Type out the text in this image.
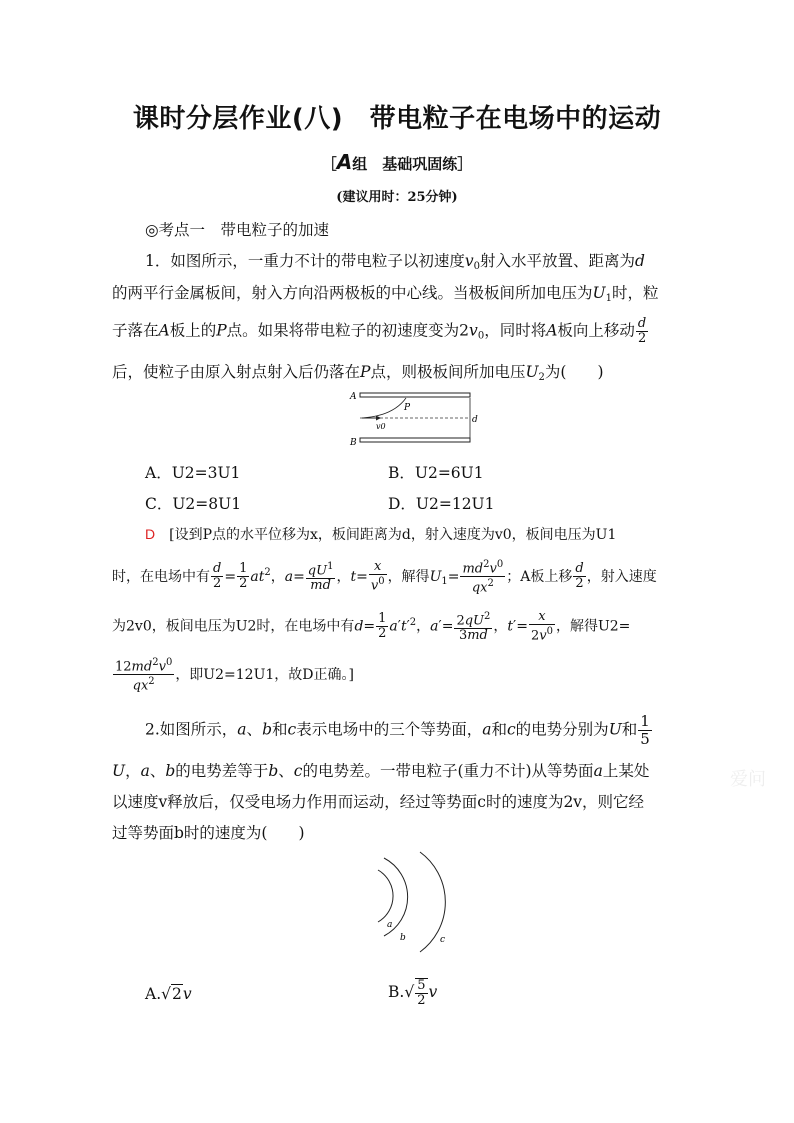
课时分层作业(八)　带电粒子在电场中的运动
［A组　基础巩固练］
(建议用时：25分钟)
◎考点一　带电粒子的加速
1．如图所示，一重力不计的带电粒子以初速度$v_0$射入水平放置、距离为d
的两平行金属板间，射入方向沿两极板的中心线。当极板间所加电压为$U_1$时，粒
子落在A板上的P点。如果将带电粒子的初速度变为$2v_0$，同时将A板向上移动 $\frac{d}{2}$
后，使粒子由原入射点射入后仍落在P点，则极板间所加电压$U_2$为(　　)
A
B
v0
P
d
A．U2=3U1	B．U2=6U1
C．U2=8U1	D．U2=12U1
D　 [设到P点的水平位移为x，板间距离为d，射入速度为v0，板间电压为U1
时，在电场中有 $\frac{d}{2} = \frac{1}{2} at^2$，$a= \frac{qU^1}{md}$ ，$t= \frac{x}{v^0}$ ，解得$U_1= \frac{md^2v^0}{qx^2}$ ；A板上移 $\frac{d}{2}$ ，射入速度
为2v0，板间电压为U2时，在电场中有$d= \frac{1}{2} a't'^2$，$a'= \frac{2qU^2}{3md}$ ，$t'= \frac{x}{2v^0}$ ，解得U2=
$\frac{12md^2v^0}{qx^2}$ ，即U2=12U1，故D正确。]
2.如图所示，a、b和c表示电场中的三个等势面，a和c的电势分别为U和 $\frac{1}{5}$
U，a、b的电势差等于b、c的电势差。一带电粒子(重力不计)从等势面a上某处
以速度v释放后，仅受电场力作用而运动，经过等势面c时的速度为2v，则它经
过等势面b时的速度为(　　)
a
b	c
A.√2v	$B.√ \frac{5}{2}$ v
爱问
